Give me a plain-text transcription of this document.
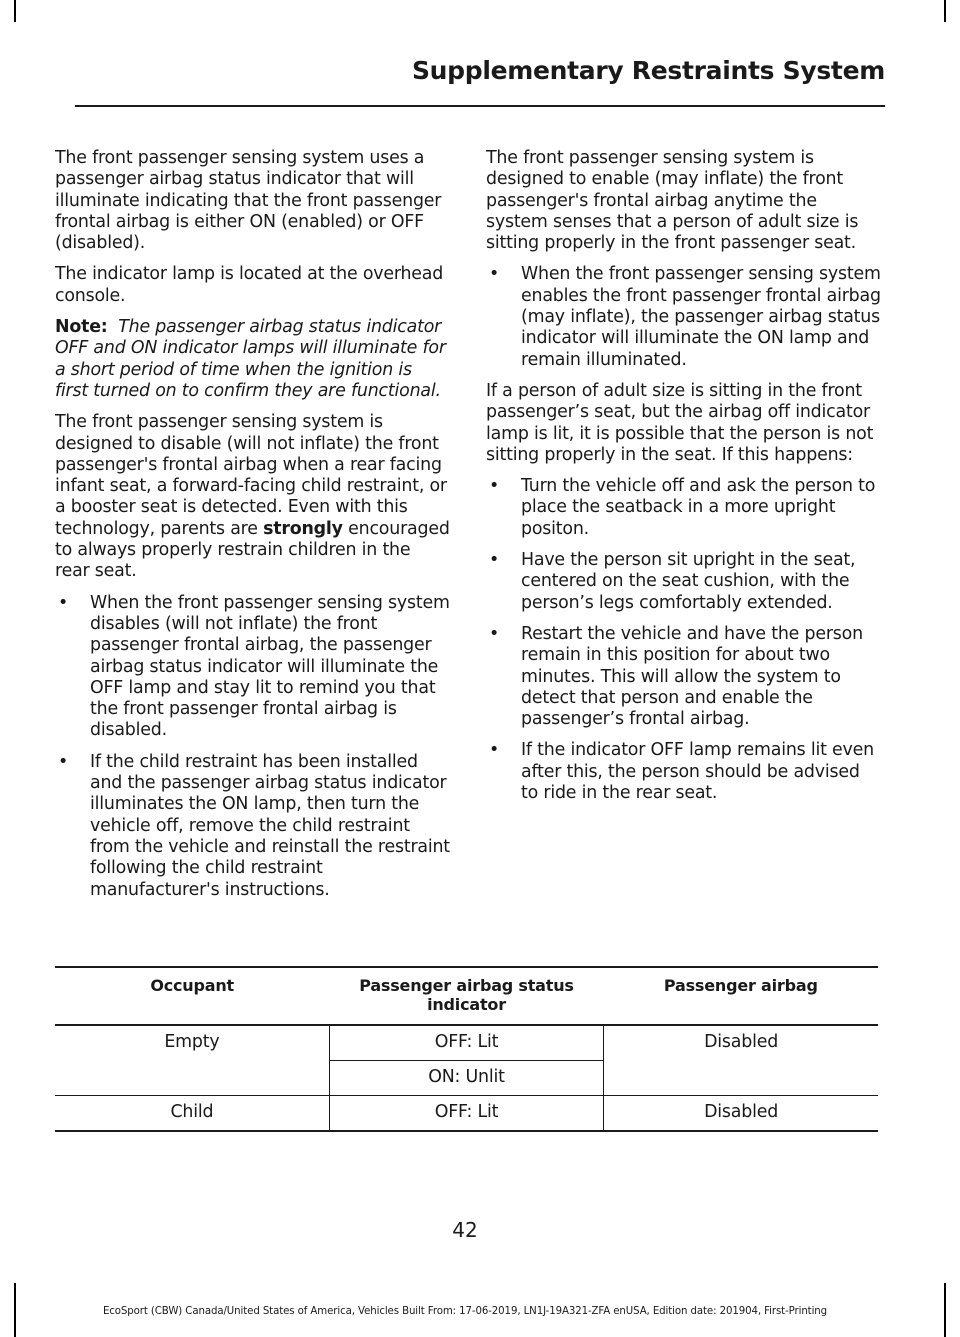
Supplementary Restraints System

The front passenger sensing system uses a passenger airbag status indicator that will illuminate indicating that the front passenger frontal airbag is either ON (enabled) or OFF (disabled).

The indicator lamp is located at the overhead console.

Note: The passenger airbag status indicator OFF and ON indicator lamps will illuminate for a short period of time when the ignition is first turned on to confirm they are functional.

The front passenger sensing system is designed to disable (will not inflate) the front passenger's frontal airbag when a rear facing infant seat, a forward-facing child restraint, or a booster seat is detected. Even with this technology, parents are strongly encouraged to always properly restrain children in the rear seat.

• When the front passenger sensing system disables (will not inflate) the front passenger frontal airbag, the passenger airbag status indicator will illuminate the OFF lamp and stay lit to remind you that the front passenger frontal airbag is disabled.
• If the child restraint has been installed and the passenger airbag status indicator illuminates the ON lamp, then turn the vehicle off, remove the child restraint from the vehicle and reinstall the restraint following the child restraint manufacturer's instructions.

The front passenger sensing system is designed to enable (may inflate) the front passenger's frontal airbag anytime the system senses that a person of adult size is sitting properly in the front passenger seat.

• When the front passenger sensing system enables the front passenger frontal airbag (may inflate), the passenger airbag status indicator will illuminate the ON lamp and remain illuminated.

If a person of adult size is sitting in the front passenger’s seat, but the airbag off indicator lamp is lit, it is possible that the person is not sitting properly in the seat. If this happens:

• Turn the vehicle off and ask the person to place the seatback in a more upright positon.
• Have the person sit upright in the seat, centered on the seat cushion, with the person’s legs comfortably extended.
• Restart the vehicle and have the person remain in this position for about two minutes. This will allow the system to detect that person and enable the passenger’s frontal airbag.
• If the indicator OFF lamp remains lit even after this, the person should be advised to ride in the rear seat.
Occupant	Passenger airbag status indicator	Passenger airbag
Empty	OFF: Lit	Disabled
	ON: Unlit	
Child	OFF: Lit	Disabled
42
EcoSport (CBW) Canada/United States of America, Vehicles Built From: 17-06-2019, LN1J-19A321-ZFA enUSA, Edition date: 201904, First-Printing
